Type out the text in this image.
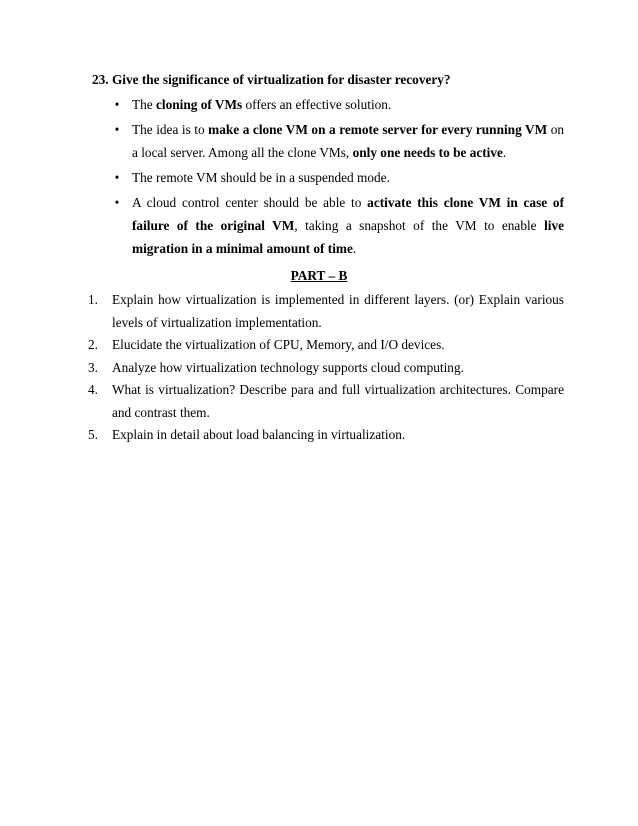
23. Give the significance of virtualization for disaster recovery?
• The cloning of VMs offers an effective solution.
• The idea is to make a clone VM on a remote server for every running VM on a local server. Among all the clone VMs, only one needs to be active.
• The remote VM should be in a suspended mode.
• A cloud control center should be able to activate this clone VM in case of failure of the original VM, taking a snapshot of the VM to enable live migration in a minimal amount of time.
PART – B
1.	Explain how virtualization is implemented in different layers. (or) Explain various levels of virtualization implementation.
2.	Elucidate the virtualization of CPU, Memory, and I/O devices.
3.	Analyze how virtualization technology supports cloud computing.
4.	What is virtualization? Describe para and full virtualization architectures. Compare and contrast them.
5.	Explain in detail about load balancing in virtualization.
